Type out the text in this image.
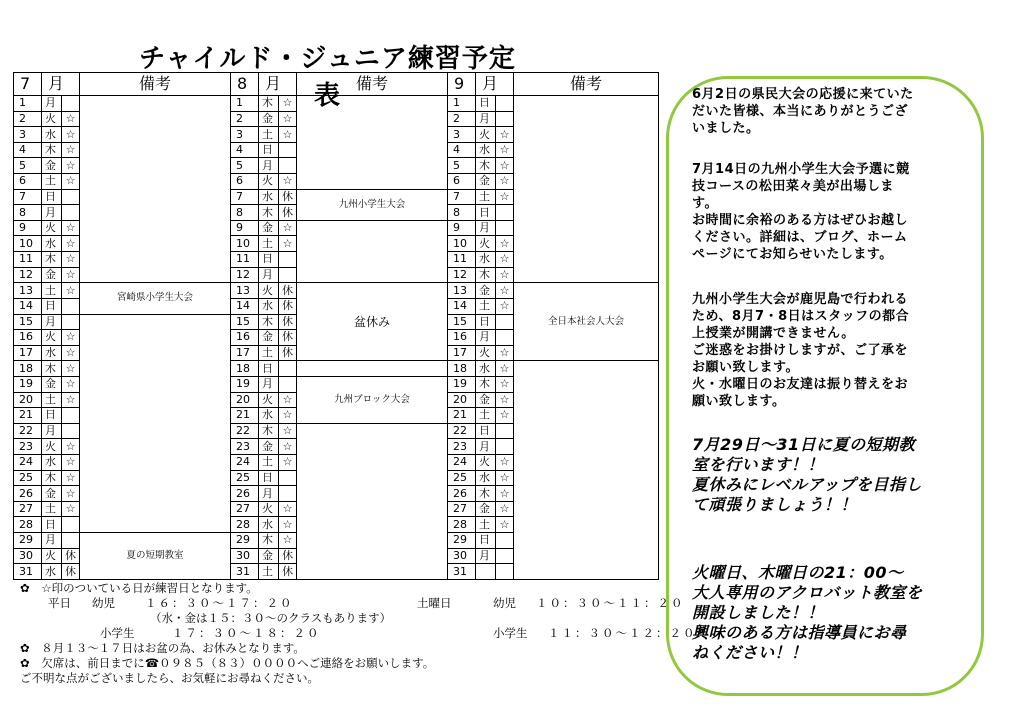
チャイルド・ジュニア練習予定表
7	月		備考	8	月		備考	9	月		備考
1	月			1	木	☆		1	日		
2	火	☆		2	金	☆		2	月		
3	水	☆		3	土	☆		3	火	☆	
4	木	☆		4	日			4	水	☆	
5	金	☆		5	月			5	木	☆	
6	土	☆		6	火	☆		6	金	☆	
7	日			7	水	休	九州小学生大会	7	土	☆	
8	月			8	木	休		8	日		
9	火	☆		9	金	☆		9	月		
10	水	☆		10	土	☆		10	火	☆	
11	木	☆		11	日			11	水	☆	
12	金	☆		12	月			12	木	☆	
13	土	☆	宮崎県小学生大会	13	火	休	盆休み	13	金	☆	全日本社会人大会
14	日			14	水	休		14	土	☆	
15	月			15	木	休		15	日		
16	火	☆		16	金	休		16	月		
17	水	☆		17	土	休		17	火	☆	
18	木	☆		18	日			18	水	☆	
19	金	☆		19	月		九州ブロック大会	19	木	☆	
20	土	☆		20	火	☆		20	金	☆	
21	日			21	水	☆		21	土	☆	
22	月			22	木	☆		22	日		
23	火	☆		23	金	☆		23	月		
24	水	☆		24	土	☆		24	火	☆	
25	木	☆		25	日			25	水	☆	
26	金	☆		26	月			26	木	☆	
27	土	☆		27	火	☆		27	金	☆	
28	日			28	水	☆		28	土	☆	
29	月		夏の短期教室	29	木	☆		29	日		
30	火	休		30	金	休		30	月		
31	水	休		31	土	休		31			
✿ ☆印のついている日が練習日となります。
平日 幼児	１６：３０～１７：２０	土曜日	幼児 １０：３０～１１：２０
（水・金は１５：３０～のクラスもあります）
小学生	１７：３０～１８：２０	小学生 １１：３０～１２：２０
✿ ８月１３～１７日はお盆の為、お休みとなります。
✿ 欠席は、前日までに☎０９８５（８３）００００へご連絡をお願いします。
ご不明な点がございましたら、お気軽にお尋ねください。
6月2日の県民大会の応援に来ていた
だいた皆様、本当にありがとうござ
いました。
7月14日の九州小学生大会予選に競
技コースの松田菜々美が出場しま
す。
お時間に余裕のある方はぜひお越し
ください。詳細は、ブログ、ホーム
ページにてお知らせいたします。
九州小学生大会が鹿児島で行われる
ため、8月7・8日はスタッフの都合
上授業が開講できません。
ご迷惑をお掛けしますが、ご了承を
お願い致します。
火・水曜日のお友達は振り替えをお
願い致します。
7月29日～31日に夏の短期教
室を行います！！
夏休みにレベルアップを目指し
て頑張りましょう！！
火曜日、木曜日の21：00～
大人専用のアクロバット教室を
開設しました！！
興味のある方は指導員にお尋
ねください！！
